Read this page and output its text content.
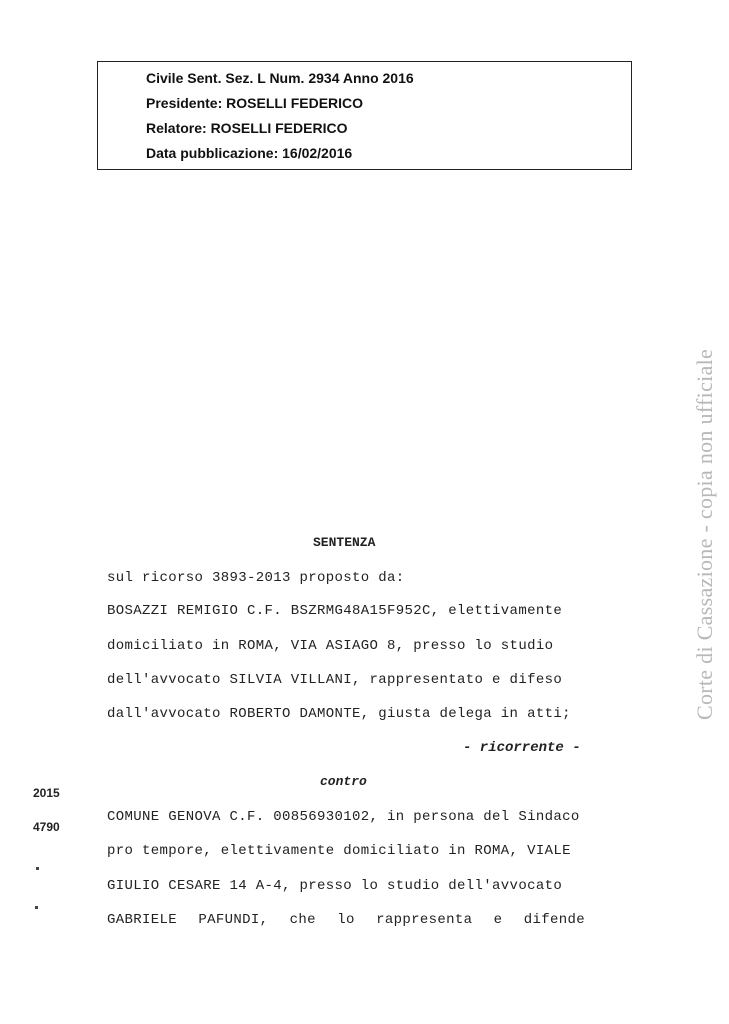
Civile Sent. Sez. L Num. 2934 Anno 2016
Presidente: ROSELLI FEDERICO
Relatore: ROSELLI FEDERICO
Data pubblicazione: 16/02/2016
Corte di Cassazione - copia non ufficiale
SENTENZA
sul ricorso 3893-2013 proposto da:
BOSAZZI REMIGIO C.F. BSZRMG48A15F952C, elettivamente
domiciliato in ROMA, VIA ASIAGO 8, presso lo studio
dell'avvocato SILVIA VILLANI, rappresentato e difeso
dall'avvocato ROBERTO DAMONTE, giusta delega in atti;
- ricorrente -
contro
COMUNE GENOVA C.F. 00856930102, in persona del Sindaco
pro tempore, elettivamente domiciliato in ROMA, VIALE
GIULIO CESARE 14 A-4, presso lo studio dell'avvocato
GABRIELE PAFUNDI, che lo rappresenta e difende
2015
4790
